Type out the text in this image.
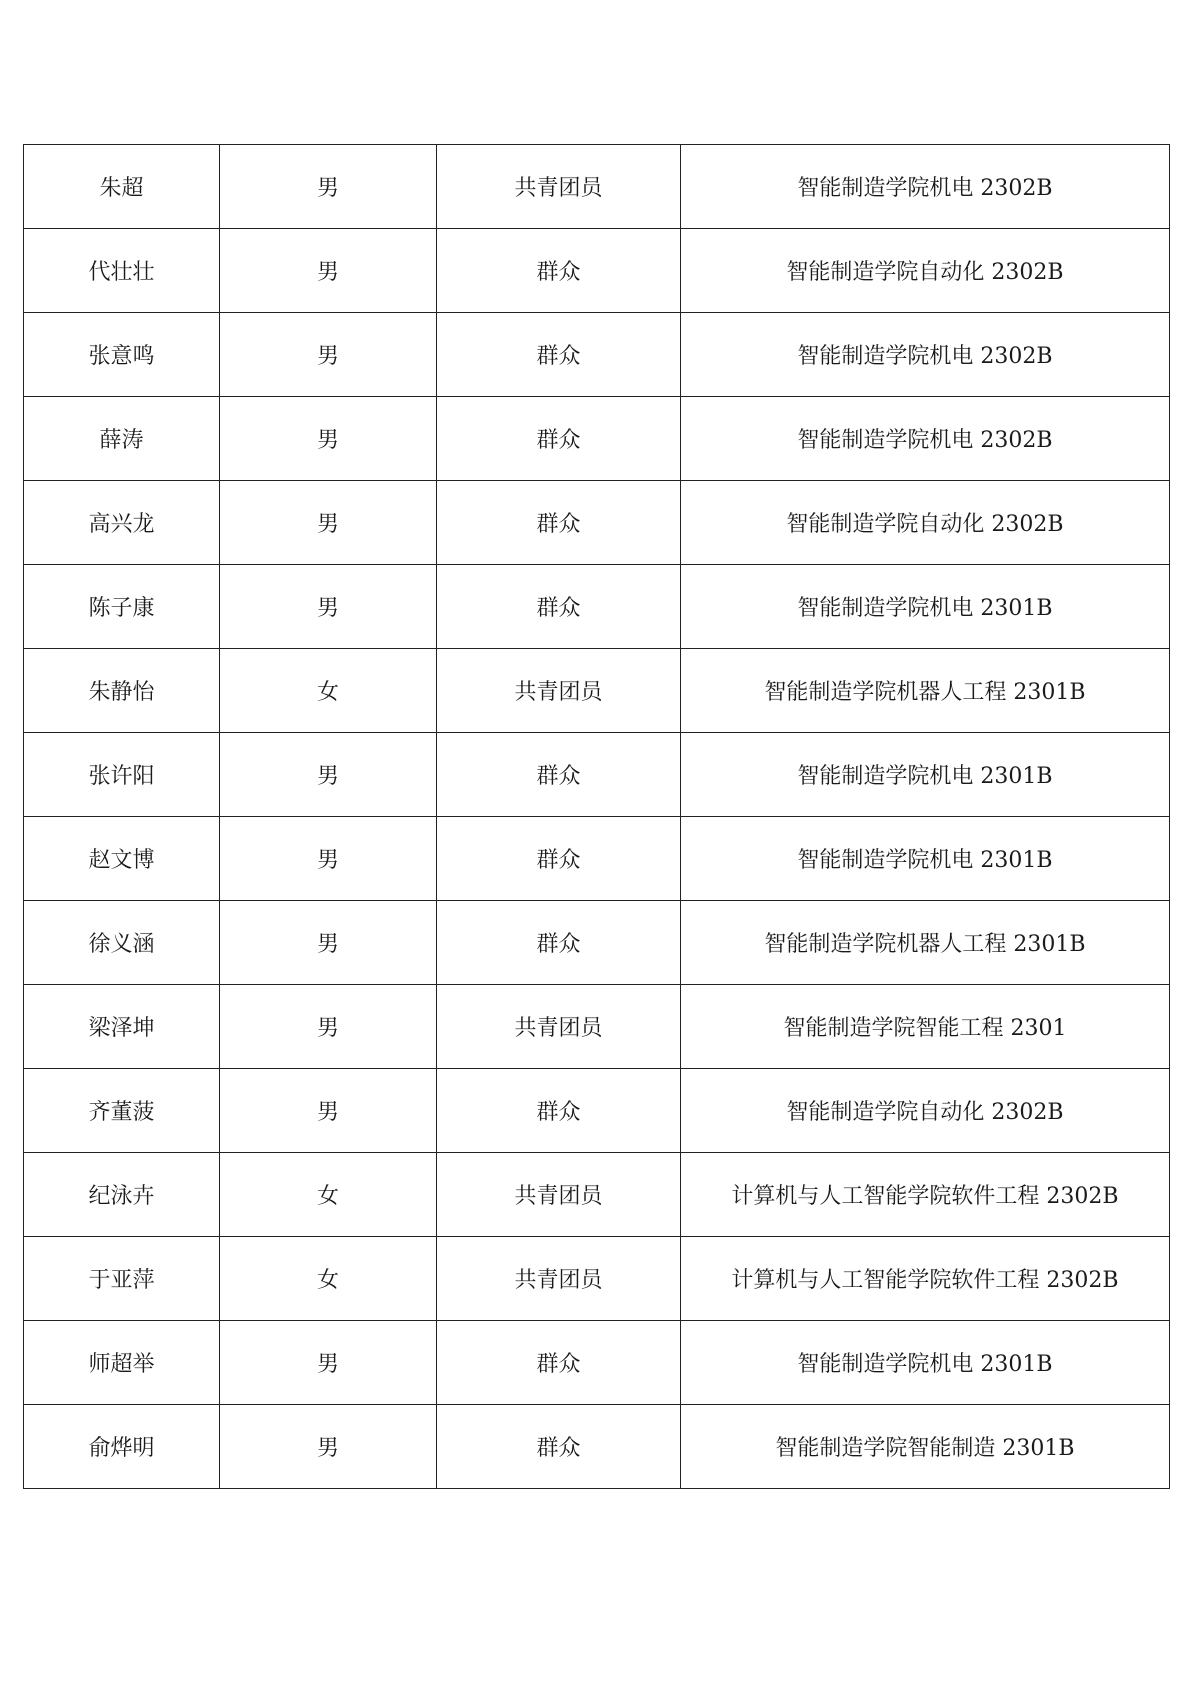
朱超	男	共青团员	智能制造学院机电 2302B
代壮壮	男	群众	智能制造学院自动化 2302B
张意鸣	男	群众	智能制造学院机电 2302B
薛涛	男	群众	智能制造学院机电 2302B
高兴龙	男	群众	智能制造学院自动化 2302B
陈子康	男	群众	智能制造学院机电 2301B
朱静怡	女	共青团员	智能制造学院机器人工程 2301B
张许阳	男	群众	智能制造学院机电 2301B
赵文博	男	群众	智能制造学院机电 2301B
徐义涵	男	群众	智能制造学院机器人工程 2301B
梁泽坤	男	共青团员	智能制造学院智能工程 2301
齐董菠	男	群众	智能制造学院自动化 2302B
纪泳卉	女	共青团员	计算机与人工智能学院软件工程 2302B
于亚萍	女	共青团员	计算机与人工智能学院软件工程 2302B
师超举	男	群众	智能制造学院机电 2301B
俞烨明	男	群众	智能制造学院智能制造 2301B
